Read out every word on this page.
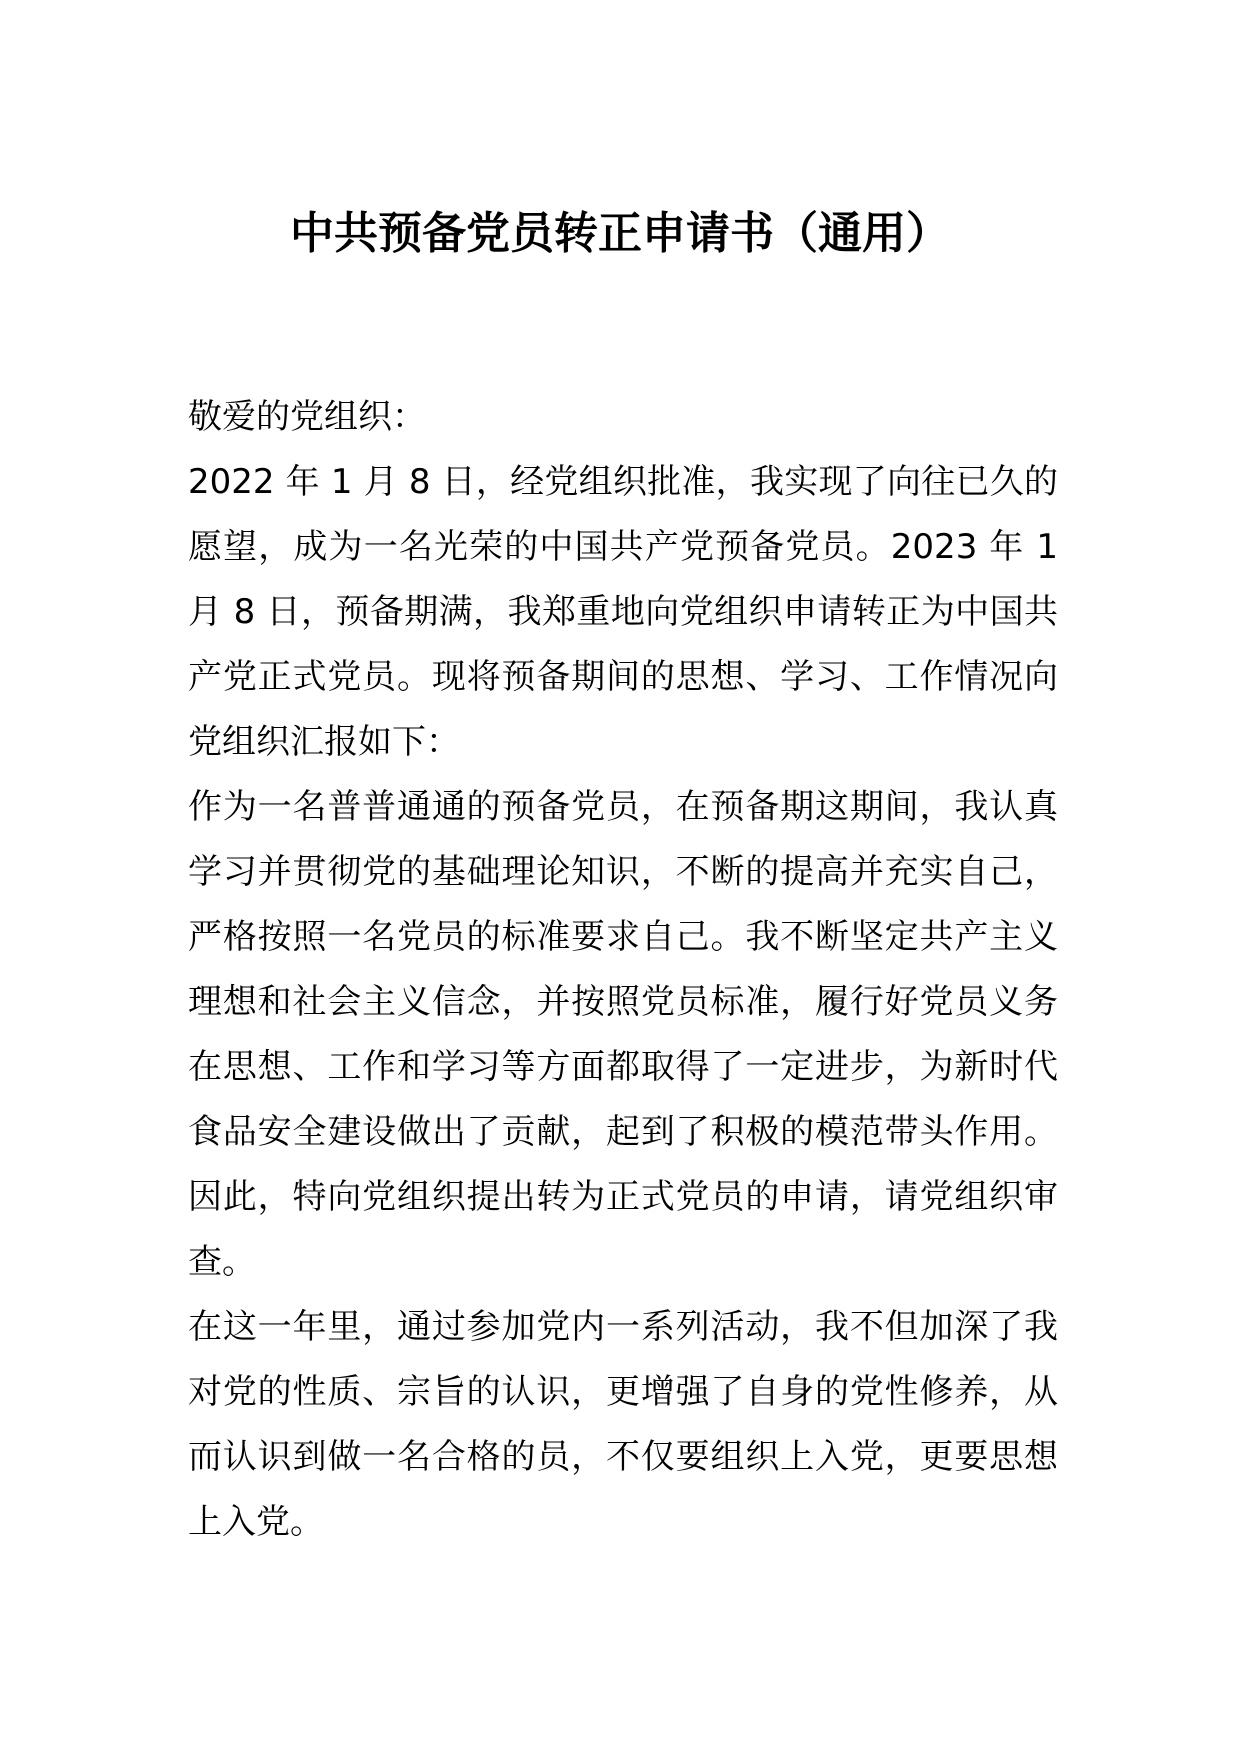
中共预备党员转正申请书（通用）

敬爱的党组织：

2022 年 1 月 8 日，经党组织批准，我实现了向往已久的愿望，成为一名光荣的中国共产党预备党员。2023 年 1 月 8 日，预备期满，我郑重地向党组织申请转正为中国共产党正式党员。现将预备期间的思想、学习、工作情况向党组织汇报如下：

作为一名普普通通的预备党员，在预备期这期间，我认真学习并贯彻党的基础理论知识，不断的提高并充实自己，严格按照一名党员的标准要求自己。我不断坚定共产主义理想和社会主义信念，并按照党员标准，履行好党员义务在思想、工作和学习等方面都取得了一定进步，为新时代食品安全建设做出了贡献，起到了积极的模范带头作用。因此，特向党组织提出转为正式党员的申请，请党组织审查。

在这一年里，通过参加党内一系列活动，我不但加深了我对党的性质、宗旨的认识，更增强了自身的党性修养，从而认识到做一名合格的员，不仅要组织上入党，更要思想上入党。
